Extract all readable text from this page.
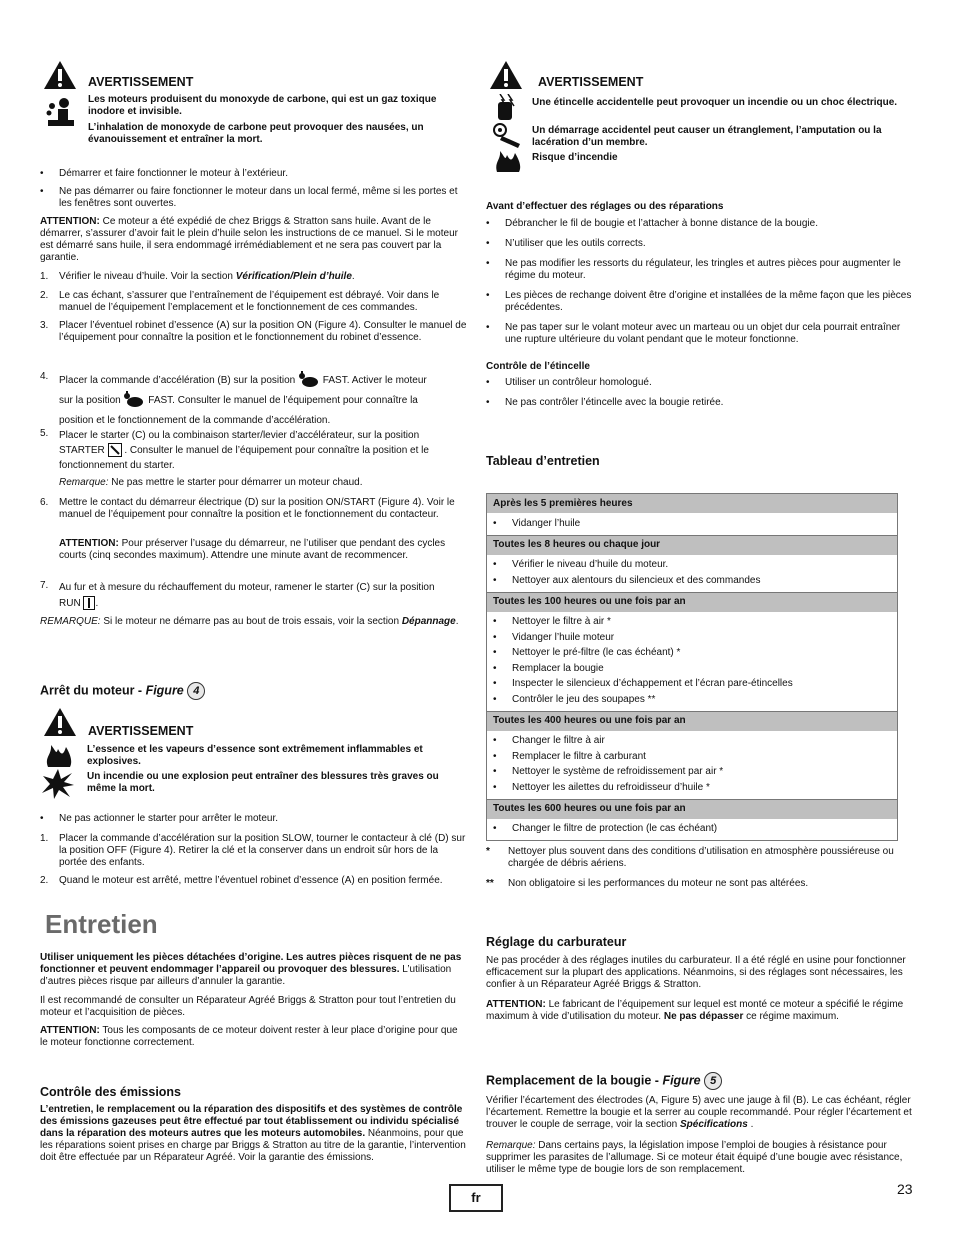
AVERTISSEMENT
Les moteurs produisent du monoxyde de carbone, qui est un gaz toxique inodore et invisible.
L’inhalation de monoxyde de carbone peut provoquer des nausées, un évanouissement et entraîner la mort.
• Démarrer et faire fonctionner le moteur à l’extérieur.
• Ne pas démarrer ou faire fonctionner le moteur dans un local fermé, même si les portes et les fenêtres sont ouvertes.
ATTENTION: Ce moteur a été expédié de chez Briggs & Stratton sans huile. Avant de le démarrer, s’assurer d’avoir fait le plein d’huile selon les instructions de ce manuel. Si le moteur est démarré sans huile, il sera endommagé irrémédiablement et ne sera pas couvert par la garantie.
1. Vérifier le niveau d’huile. Voir la section Vérification/Plein d’huile.
2. Le cas échant, s’assurer que l’entraînement de l’équipement est débrayé. Voir dans le manuel de l’équipement l’emplacement et le fonctionnement de ces commandes.
3. Placer l’éventuel robinet d’essence (A) sur la position ON (Figure 4). Consulter le manuel de l’équipement pour connaître la position et le fonctionnement du robinet d’essence.
4. Placer la commande d’accélération (B) sur la position	FAST. Activer le moteur
sur la position	FAST. Consulter le manuel de l’équipement pour connaître la
position et le fonctionnement de la commande d’accélération.
5. Placer le starter (C) ou la combinaison starter/levier d’accélérateur, sur la position
STARTER . Consulter le manuel de l’équipement pour connaître la position et le
fonctionnement du starter.
Remarque: Ne pas mettre le starter pour démarrer un moteur chaud.
6. Mettre le contact du démarreur électrique (D) sur la position ON/START (Figure 4). Voir le manuel de l’équipement pour connaître la position et le fonctionnement du contacteur.
ATTENTION: Pour préserver l’usage du démarreur, ne l’utiliser que pendant des cycles courts (cinq secondes maximum). Attendre une minute avant de recommencer.
7. Au fur et à mesure du réchauffement du moteur, ramener le starter (C) sur la position
RUN .
REMARQUE: Si le moteur ne démarre pas au bout de trois essais, voir la section Dépannage.
Arrêt du moteur - Figure 4
AVERTISSEMENT
L’essence et les vapeurs d’essence sont extrêmement inflammables et explosives.
Un incendie ou une explosion peut entraîner des blessures très graves ou même la mort.
• Ne pas actionner le starter pour arrêter le moteur.
1. Placer la commande d’accélération sur la position SLOW, tourner le contacteur à clé (D) sur la position OFF (Figure 4). Retirer la clé et la conserver dans un endroit sûr hors de la portée des enfants.
2. Quand le moteur est arrêté, mettre l’éventuel robinet d’essence (A) en position fermée.
Entretien
Utiliser uniquement les pièces détachées d’origine. Les autres pièces risquent de ne pas fonctionner et peuvent endommager l’appareil ou provoquer des blessures. L’utilisation d’autres pièces risque par ailleurs d’annuler la garantie.
Il est recommandé de consulter un Réparateur Agréé Briggs & Stratton pour tout l’entretien du moteur et l’acquisition de pièces.
ATTENTION: Tous les composants de ce moteur doivent rester à leur place d’origine pour que le moteur fonctionne correctement.
Contrôle des émissions
L’entretien, le remplacement ou la réparation des dispositifs et des systèmes de contrôle des émissions gazeuses peut être effectué par tout établissement ou individu spécialisé dans la réparation des moteurs autres que les moteurs automobiles. Néanmoins, pour que les réparations soient prises en charge par Briggs & Stratton au titre de la garantie, l’intervention doit être effectuée par un Réparateur Agréé. Voir la garantie des émissions.
AVERTISSEMENT
Une étincelle accidentelle peut provoquer un incendie ou un choc électrique.
Un démarrage accidentel peut causer un étranglement, l’amputation ou la lacération d’un membre.
Risque d’incendie
Avant d’effectuer des réglages ou des réparations
• Débrancher le fil de bougie et l’attacher à bonne distance de la bougie.
• N’utiliser que les outils corrects.
• Ne pas modifier les ressorts du régulateur, les tringles et autres pièces pour augmenter le régime du moteur.
• Les pièces de rechange doivent être d’origine et installées de la même façon que les pièces précédentes.
• Ne pas taper sur le volant moteur avec un marteau ou un objet dur cela pourrait entraîner une rupture ultérieure du volant pendant que le moteur fonctionne.
Contrôle de l’étincelle
• Utiliser un contrôleur homologué.
• Ne pas contrôler l’étincelle avec la bougie retirée.
Tableau d’entretien
Après les 5 premières heures
• Vidanger l’huile
Toutes les 8 heures ou chaque jour
• Vérifier le niveau d’huile du moteur.
• Nettoyer aux alentours du silencieux et des commandes
Toutes les 100 heures ou une fois par an
• Nettoyer le filtre à air *
• Vidanger l’huile moteur
• Nettoyer le pré-filtre (le cas échéant) *
• Remplacer la bougie
• Inspecter le silencieux d’échappement et l’écran pare-étincelles
• Contrôler le jeu des soupapes **
Toutes les 400 heures ou une fois par an
• Changer le filtre à air
• Remplacer le filtre à carburant
• Nettoyer le système de refroidissement par air *
• Nettoyer les ailettes du refroidisseur d’huile *
Toutes les 600 heures ou une fois par an
• Changer le filtre de protection (le cas échéant)
* Nettoyer plus souvent dans des conditions d’utilisation en atmosphère poussiéreuse ou chargée de débris aériens.
** Non obligatoire si les performances du moteur ne sont pas altérées.
Réglage du carburateur
Ne pas procéder à des réglages inutiles du carburateur. Il a été réglé en usine pour fonctionner efficacement sur la plupart des applications. Néanmoins, si des réglages sont nécessaires, les confier à un Réparateur Agréé Briggs & Stratton.
ATTENTION: Le fabricant de l’équipement sur lequel est monté ce moteur a spécifié le régime maximum à vide d’utilisation du moteur. Ne pas dépasser ce régime maximum.
Remplacement de la bougie - Figure 5
Vérifier l’écartement des électrodes (A, Figure 5) avec une jauge à fil (B). Le cas échéant, régler l’écartement. Remettre la bougie et la serrer au couple recommandé. Pour régler l’écartement et trouver le couple de serrage, voir la section Spécifications .
Remarque: Dans certains pays, la législation impose l’emploi de bougies à résistance pour supprimer les parasites de l’allumage. Si ce moteur était équipé d’une bougie avec résistance, utiliser le même type de bougie lors de son remplacement.
fr
23
